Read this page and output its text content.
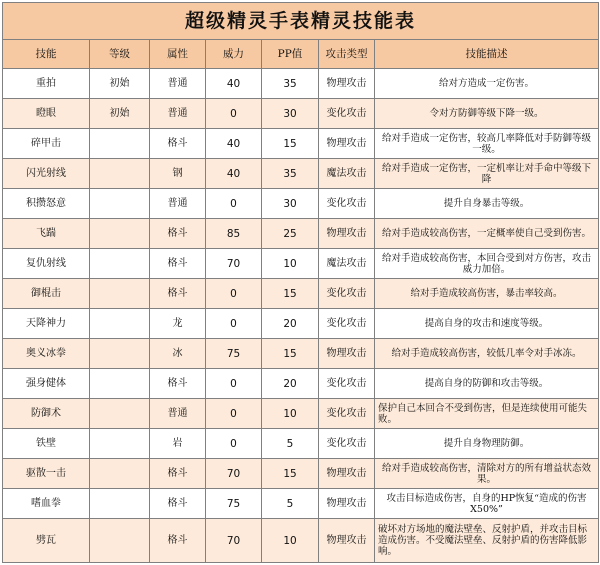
超级精灵手表精灵技能表						
技能	等级	属性	威力	PP值	攻击类型	技能描述
重拍	初始	普通	40	35	物理攻击	给对方造成一定伤害。
瞪眼	初始	普通	0	30	变化攻击	令对方防御等级下降一级。
碎甲击		格斗	40	15	物理攻击	给对手造成一定伤害，较高几率降低对手防御等级一级。
闪光射线		钢	40	35	魔法攻击	给对手造成一定伤害，一定机率让对手命中等级下降
积攒怒意		普通	0	30	变化攻击	提升自身暴击等级。
飞踹		格斗	85	25	物理攻击	给对手造成较高伤害，一定概率使自己受到伤害。
复仇射线		格斗	70	10	魔法攻击	给对手造成较高伤害，本回合受到对方伤害，攻击威力加倍。
御棍击		格斗	0	15	变化攻击	给对手造成较高伤害，暴击率较高。
天降神力		龙	0	20	变化攻击	提高自身的攻击和速度等级。
奥义冰拳		冰	75	15	物理攻击	给对手造成较高伤害，较低几率令对手冰冻。
强身健体		格斗	0	20	变化攻击	提高自身的防御和攻击等级。
防御术		普通	0	10	变化攻击	保护自己本回合不受到伤害，但是连续使用可能失败。
铁壁		岩	0	5	变化攻击	提升自身物理防御。
驱散一击		格斗	70	15	物理攻击	给对手造成较高伤害，清除对方的所有增益状态效果。
嗜血拳		格斗	75	5	物理攻击	攻击目标造成伤害，自身的HP恢复“造成的伤害X50%”
劈瓦		格斗	70	10	物理攻击	破坏对方场地的魔法壁垒、反射护盾，并攻击目标造成伤害。不受魔法壁垒、反射护盾的伤害降低影响。
